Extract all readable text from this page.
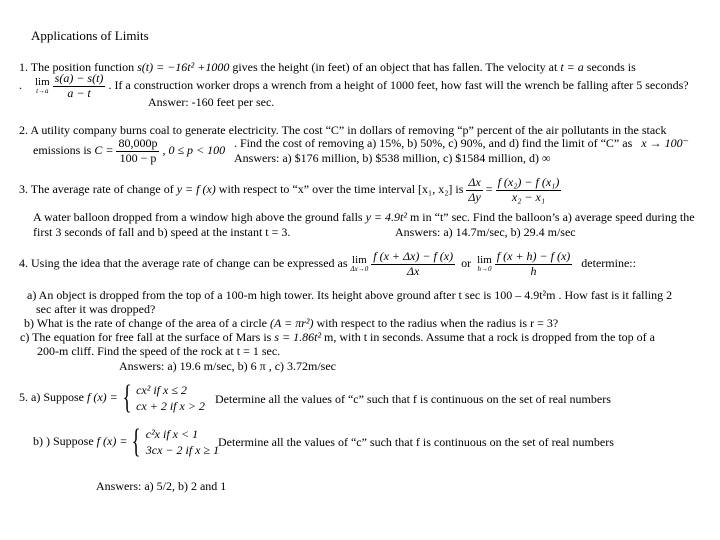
Applications of Limits
1. The position function s(t) = −16t² +1000 gives the height (in feet) of an object that has fallen. The velocity at t = a seconds is
. lim
t→a
$\frac{s(a) - s(t)}{a - t}$ . If a construction worker drops a wrench from a height of 1000 feet, how fast will the wrench be falling after 5 seconds?
Answer: -160 feet per sec.
2. A utility company burns coal to generate electricity. The cost “C” in dollars of removing “p” percent of the air pollutants in the stack
emissions is $C = \frac{80,000p}{100 - p}$ , 0 ≤ p < 100
. Find the cost of removing a) 15%, b) 50%, c) 90%, and d) find the limit of “C” as x → 100⁻
Answers: a) $176 million, b) $538 million, c) $1584 million, d) ∞
3. The average rate of change of y = f (x) with respect to “x” over the time interval [x₁, x₂] is $\frac{\Delta x}{\Delta y} = \frac{\text{f (x₂) − f (x₁)}}{\text{x₂ − x₁}}$
A water balloon dropped from a window high above the ground falls y = 4.9t² m in “t” sec. Find the balloon’s a) average speed during the
first 3 seconds of fall and b) speed at the instant t = 3.	Answers: a) 14.7m/sec, b) 29.4 m/sec
4. Using the idea that the average rate of change can be expressed as lim
Δx→0
$\frac{f (x + \Delta x) - f (x)}{\Delta x}$ or lim
h→0
$\frac{f (x + h) - f (x)}{h}$ determine::
a) An object is dropped from the top of a 100-m high tower. Its height above ground after t sec is 100 – 4.9t²m . How fast is it falling 2
sec after it was dropped?
b) What is the rate of change of the area of a circle (A = πr²) with respect to the radius when the radius is r = 3?
c) The equation for free fall at the surface of Mars is s = 1.86t² m, with t in seconds. Assume that a rock is dropped from the top of a
200-m cliff. Find the speed of the rock at t = 1 sec.
Answers: a) 19.6 m/sec, b) 6 π , c) 3.72m/sec
5. a) Suppose f (x) = { cx² if x ≤ 2
cx + 2 if x > 2 Determine all the values of “c” such that f is continuous on the set of real numbers
b) ) Suppose f (x) = { c²x if x < 1
3cx − 2 if x ≥ 1
Determine all the values of “c” such that f is continuous on the set of real numbers
Answers: a) 5/2, b) 2 and 1
